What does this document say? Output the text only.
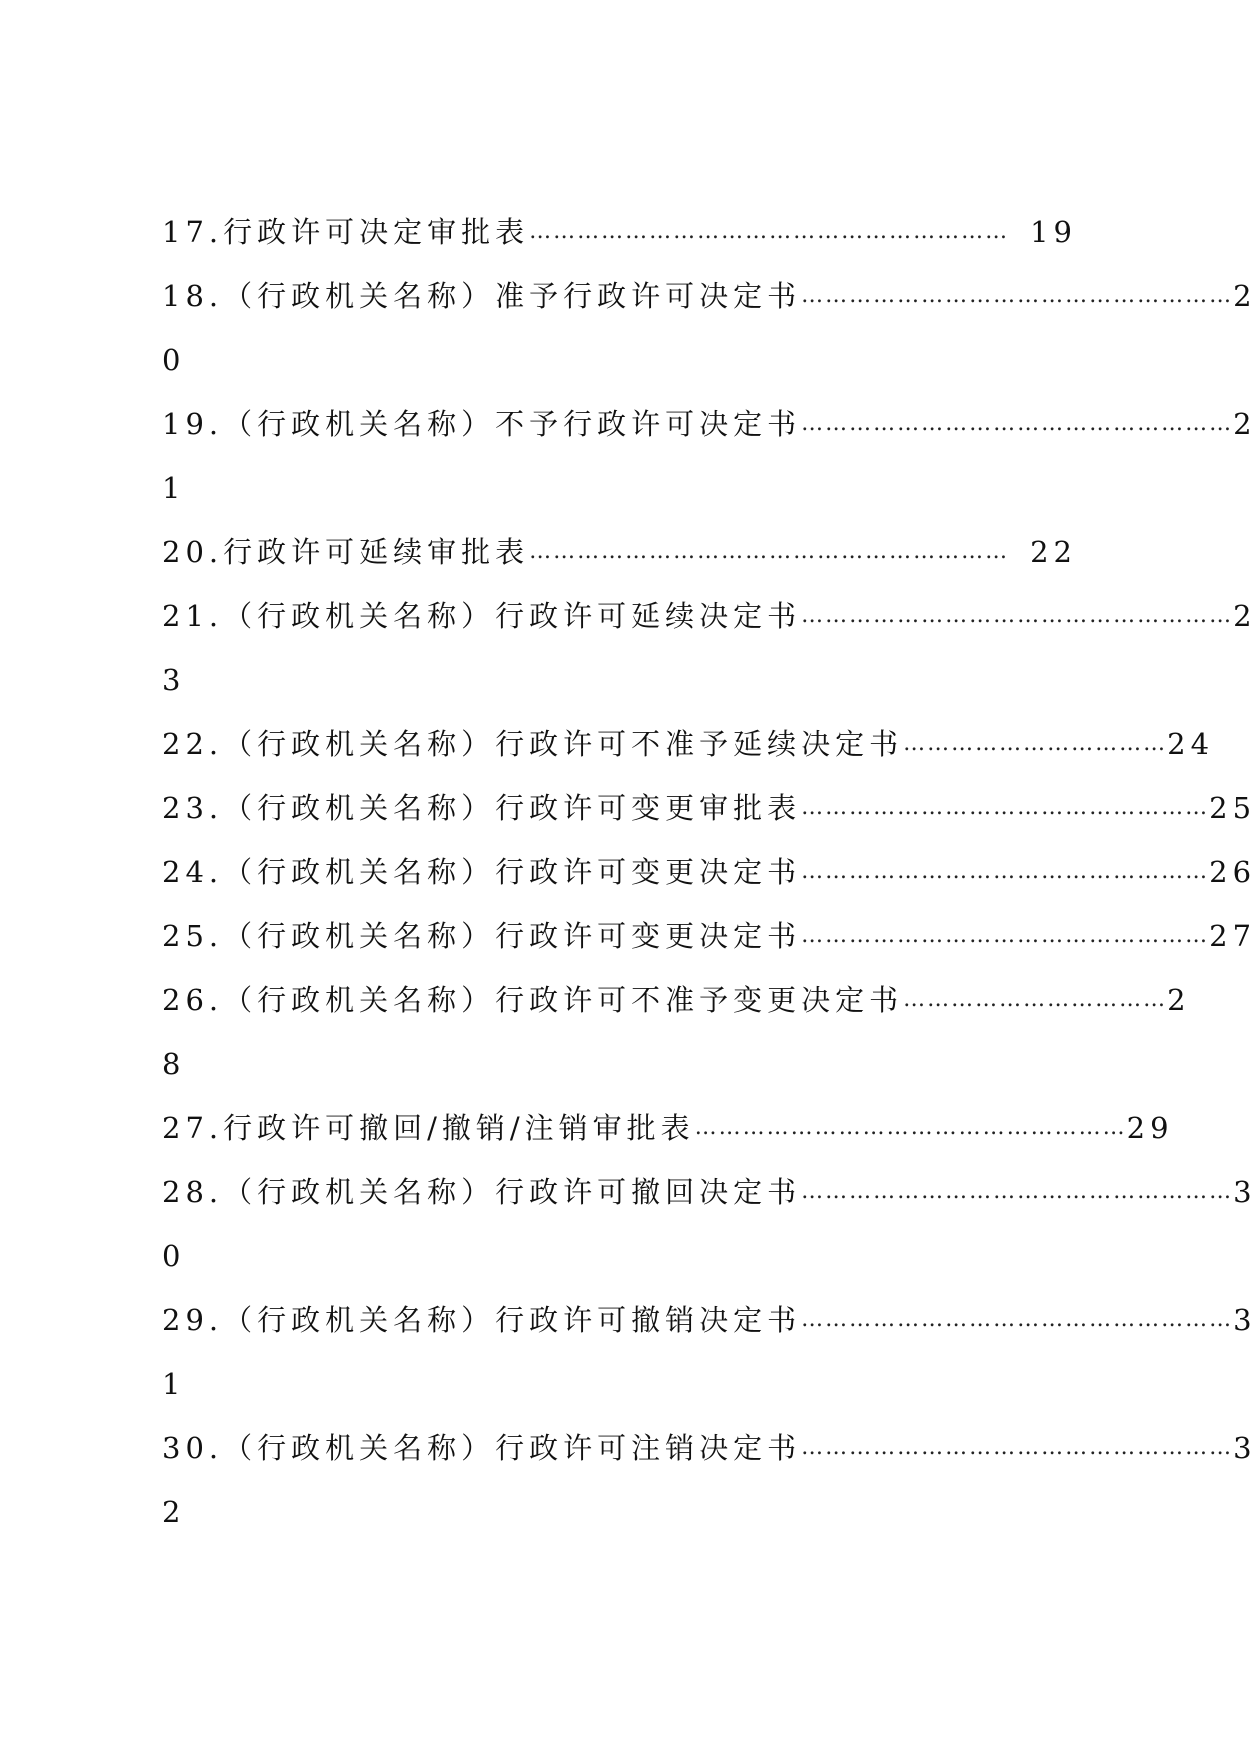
17. 行政许可决定审批表 …………………………………………………… 19
18. （行政机关名称）准予行政许可决定书 ……………………………………………… 2
0
19. （行政机关名称）不予行政许可决定书 ……………………………………………… 2
1
20. 行政许可延续审批表 …………………………………………………… 22
21. （行政机关名称）行政许可延续决定书 ……………………………………………… 2
3
22. （行政机关名称）行政许可不准予延续决定书 …………………………… 24
23. （行政机关名称）行政许可变更审批表 …………………………………………… 25
24. （行政机关名称）行政许可变更决定书 …………………………………………… 26
25. （行政机关名称）行政许可变更决定书 …………………………………………… 27
26. （行政机关名称）行政许可不准予变更决定书 …………………………… 2
8
27. 行政许可撤回/撤销/注销审批表 ……………………………………………… 29
28. （行政机关名称）行政许可撤回决定书 ……………………………………………… 3
0
29. （行政机关名称）行政许可撤销决定书 ……………………………………………… 3
1
30. （行政机关名称）行政许可注销决定书 ……………………………………………… 3
2
